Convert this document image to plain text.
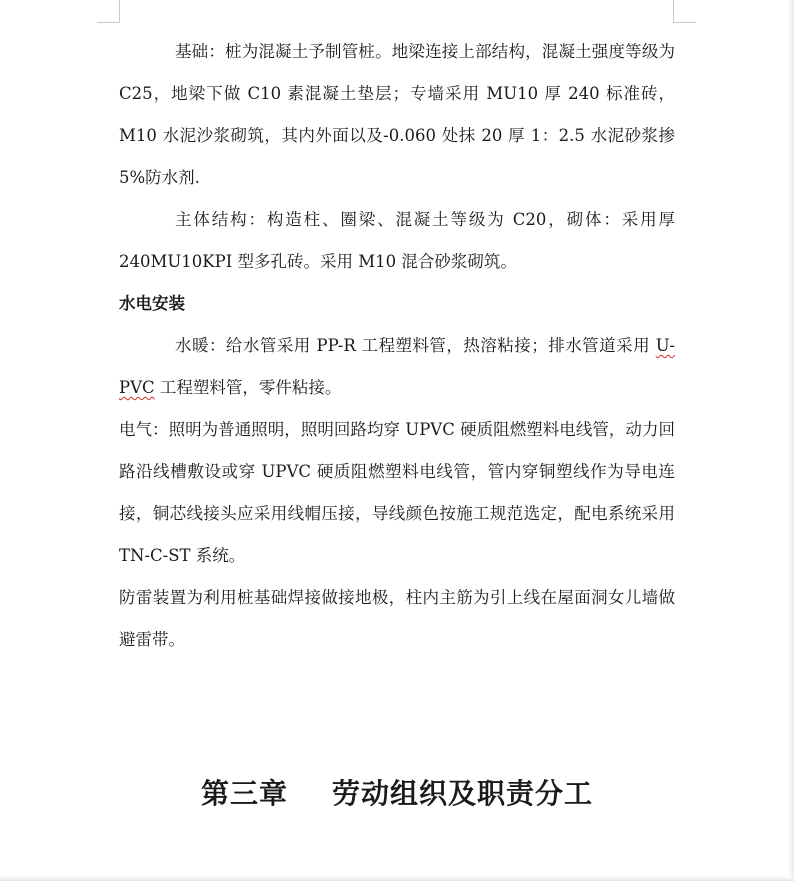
基础：桩为混凝土予制管桩。地梁连接上部结构，混凝土强度等级为 C25，地梁下做 C10 素混凝土垫层；专墙采用 MU10 厚 240 标准砖，M10 水泥沙浆砌筑，其内外面以及-0.060 处抹 20 厚 1：2.5 水泥砂浆掺 5%防水剂.

主体结构：构造柱、圈梁、混凝土等级为 C20，砌体：采用厚 240MU10KPI 型多孔砖。采用 M10 混合砂浆砌筑。

水电安装

水暖：给水管采用 PP-R 工程塑料管，热溶粘接；排水管道采用 U-PVC 工程塑料管，零件粘接。

电气：照明为普通照明，照明回路均穿 UPVC 硬质阻燃塑料电线管，动力回路沿线槽敷设或穿 UPVC 硬质阻燃塑料电线管，管内穿铜塑线作为导电连接，铜芯线接头应采用线帽压接，导线颜色按施工规范选定，配电系统采用 TN-C-ST 系统。

防雷装置为利用桩基础焊接做接地极，柱内主筋为引上线在屋面洞女儿墙做避雷带。

第三章 劳动组织及职责分工
